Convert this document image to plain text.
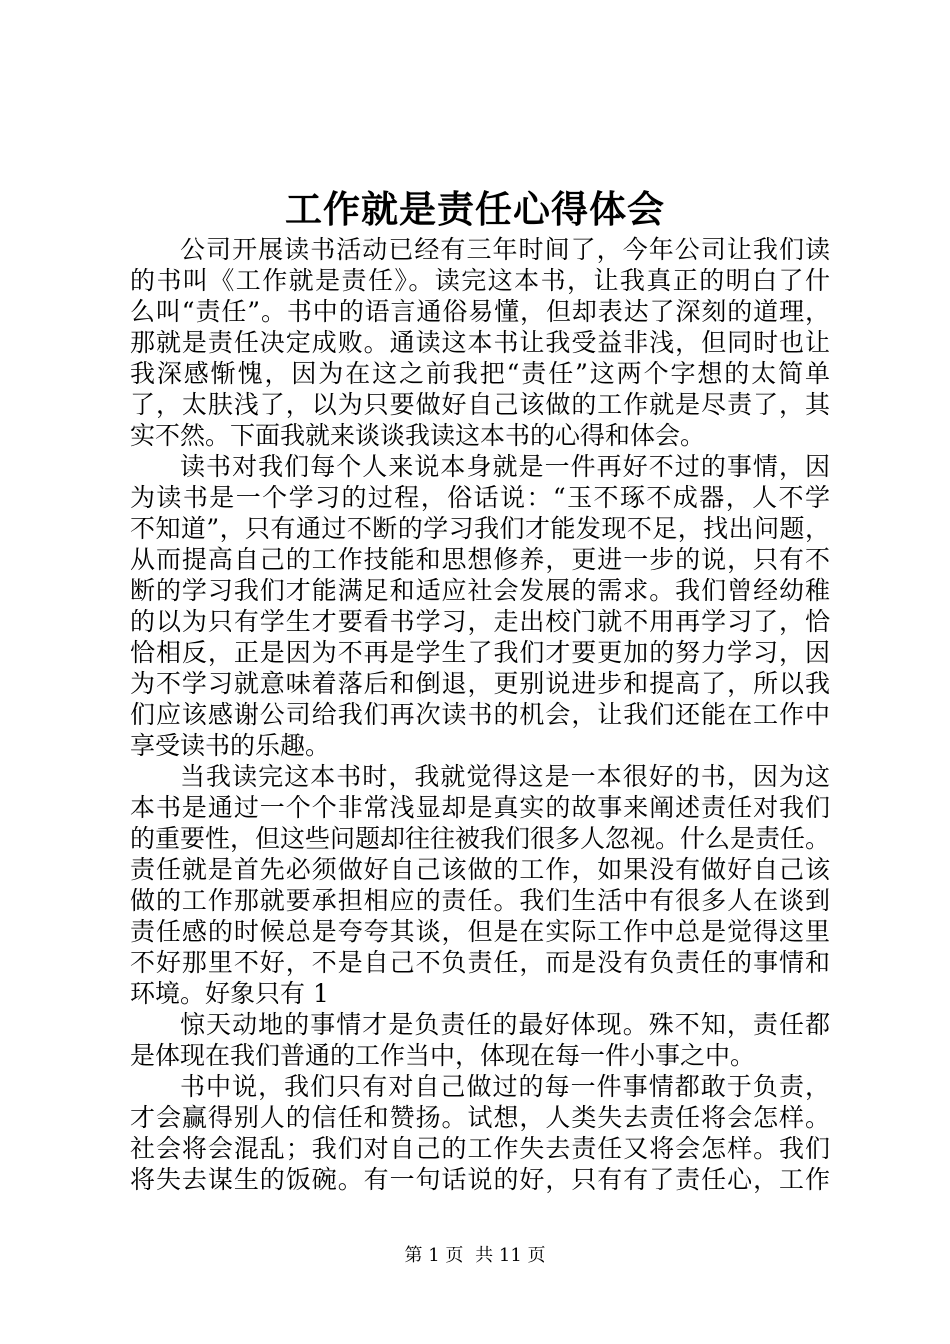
工作就是责任心得体会
公司开展读书活动已经有三年时间了，今年公司让我们读
的书叫《工作就是责任》。读完这本书，让我真正的明白了什
么叫“责任”。书中的语言通俗易懂，但却表达了深刻的道理，
那就是责任决定成败。通读这本书让我受益非浅，但同时也让
我深感惭愧，因为在这之前我把“责任”这两个字想的太简单
了，太肤浅了，以为只要做好自己该做的工作就是尽责了，其
实不然。下面我就来谈谈我读这本书的心得和体会。
读书对我们每个人来说本身就是一件再好不过的事情，因
为读书是一个学习的过程，俗话说：“玉不琢不成器，人不学
不知道”，只有通过不断的学习我们才能发现不足，找出问题，
从而提高自己的工作技能和思想修养，更进一步的说，只有不
断的学习我们才能满足和适应社会发展的需求。我们曾经幼稚
的以为只有学生才要看书学习，走出校门就不用再学习了，恰
恰相反，正是因为不再是学生了我们才要更加的努力学习，因
为不学习就意味着落后和倒退，更别说进步和提高了，所以我
们应该感谢公司给我们再次读书的机会，让我们还能在工作中
享受读书的乐趣。
当我读完这本书时，我就觉得这是一本很好的书，因为这
本书是通过一个个非常浅显却是真实的故事来阐述责任对我们
的重要性，但这些问题却往往被我们很多人忽视。什么是责任。
责任就是首先必须做好自己该做的工作，如果没有做好自己该
做的工作那就要承担相应的责任。我们生活中有很多人在谈到
责任感的时候总是夸夸其谈，但是在实际工作中总是觉得这里
不好那里不好，不是自己不负责任，而是没有负责任的事情和
环境。好象只有 1
惊天动地的事情才是负责任的最好体现。殊不知，责任都
是体现在我们普通的工作当中，体现在每一件小事之中。
书中说，我们只有对自己做过的每一件事情都敢于负责，
才会赢得别人的信任和赞扬。试想，人类失去责任将会怎样。
社会将会混乱；我们对自己的工作失去责任又将会怎样。我们
将失去谋生的饭碗。有一句话说的好，只有有了责任心，工作
第 1 页 共 11 页
